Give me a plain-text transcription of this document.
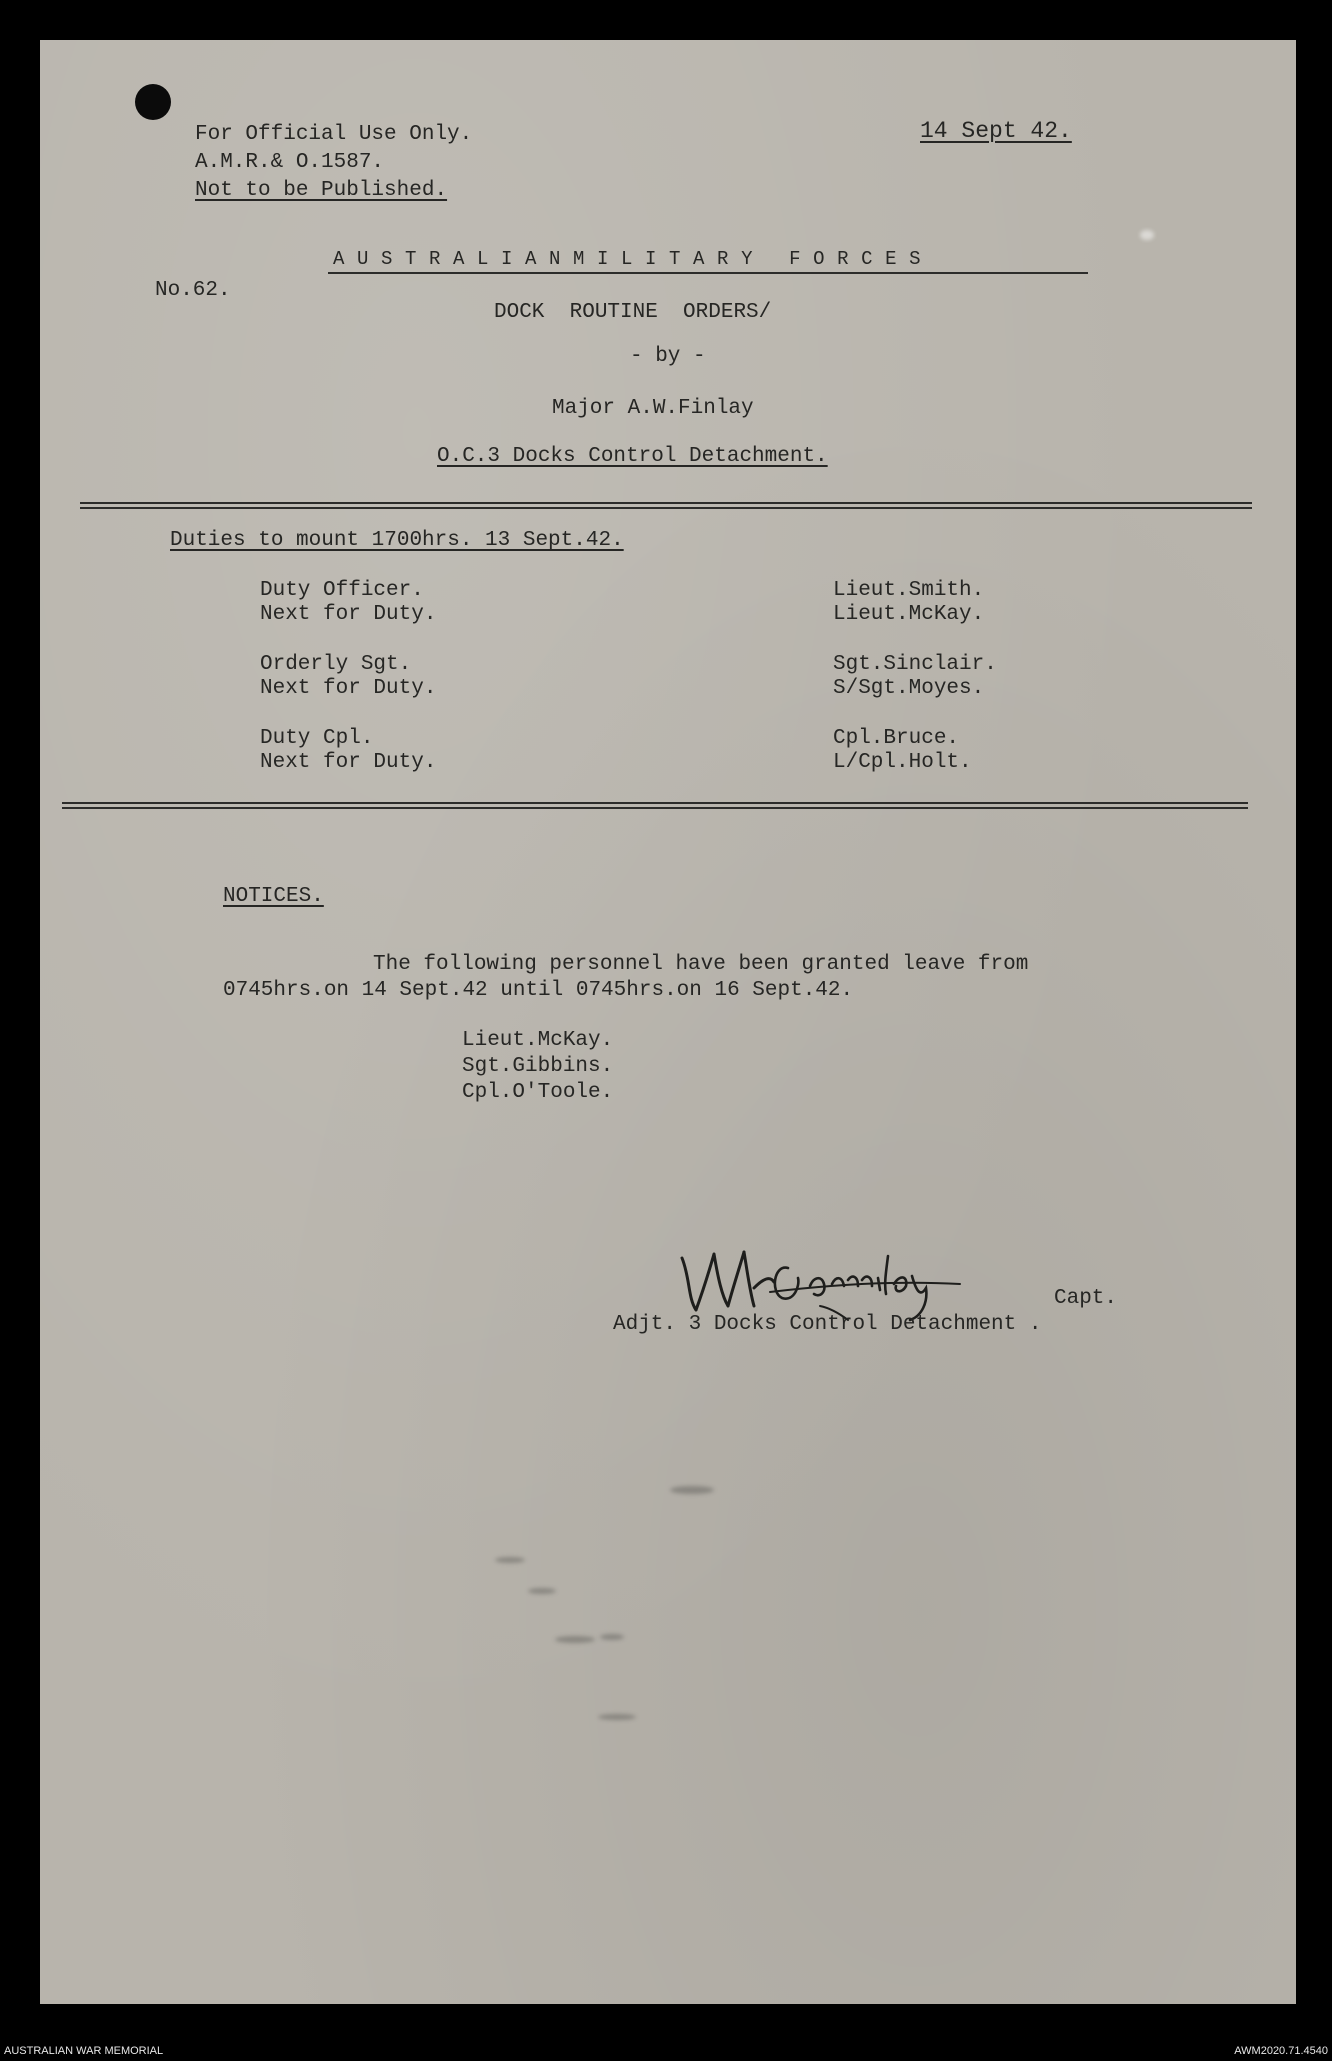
For Official Use Only.
A.M.R.& O.1587.
Not to be Published.
14 Sept 42.
No.62.
A U S T R A L I A N M I L I T A R Y   F O R C E S
DOCK  ROUTINE  ORDERS/
- by -
Major A.W.Finlay
O.C.3 Docks Control Detachment.
Duties to mount 1700hrs. 13 Sept.42.
Duty Officer.	Lieut.Smith.
Next for Duty.	Lieut.McKay.
Orderly Sgt.	Sgt.Sinclair.
Next for Duty.	S/Sgt.Moyes.
Duty Cpl.	Cpl.Bruce.
Next for Duty.	L/Cpl.Holt.
NOTICES.
The following personnel have been granted leave from
0745hrs.on 14 Sept.42 until 0745hrs.on 16 Sept.42.
Lieut.McKay.
Sgt.Gibbins.
Cpl.O'Toole.
Capt.
Adjt. 3 Docks Control Detachment .
AUSTRALIAN WAR MEMORIAL	AWM2020.71.4540
